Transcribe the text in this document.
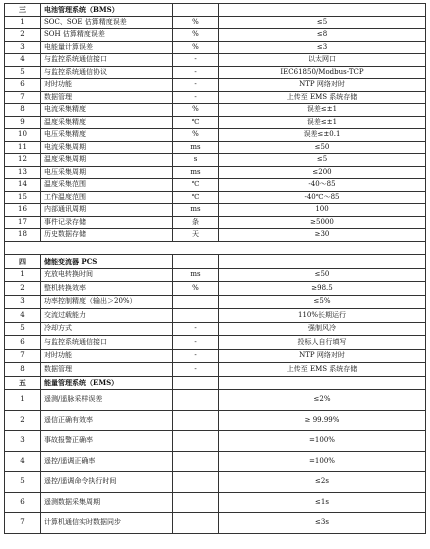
三	电池管理系统（BMS）		
1	SOC、SOE 估算精度误差	%	≤5
2	SOH 估算精度误差	%	≤8
3	电能量计算误差	%	≤3
4	与监控系统通信接口	-	以太网口
5	与监控系统通信协议	-	IEC61850/Modbus-TCP
6	对时功能	-	NTP 网络对时
7	数据管理	-	上传至 EMS 系统存储
8	电流采集精度	%	误差≤±1
9	温度采集精度	℃	误差≤±1
10	电压采集精度	%	误差≤±0.1
11	电流采集周期	ms	≤50
12	温度采集周期	s	≤5
13	电压采集周期	ms	≤200
14	温度采集范围	℃	-40～85
15	工作温度范围	℃	-40℃～85
16	内部通讯周期	ms	100
17	事件记录存储	条	≥5000
18	历史数据存储	天	≥30

四	储能变流器 PCS		
1	充放电转换时间	ms	≤50
2	整机转换效率	%	≥98.5
3	功率控制精度（输出＞20%）		≤5%
4	交流过载能力		110%长期运行
5	冷却方式	-	强制风冷
6	与监控系统通信接口	-	投标人自行填写
7	对时功能	-	NTP 网络对时
8	数据管理	-	上传至 EMS 系统存储
五	能量管理系统（EMS）		
1	遥测/遥脉采样误差		≤2%
2	遥信正确有效率		≥ 99.99%
3	事故报警正确率		=100%
4	遥控/遥调正确率		=100%
5	遥控/遥调命令执行时间		≤2s
6	遥测数据采集周期		≤1s
7	计算机通信实时数据同步		≤3s
